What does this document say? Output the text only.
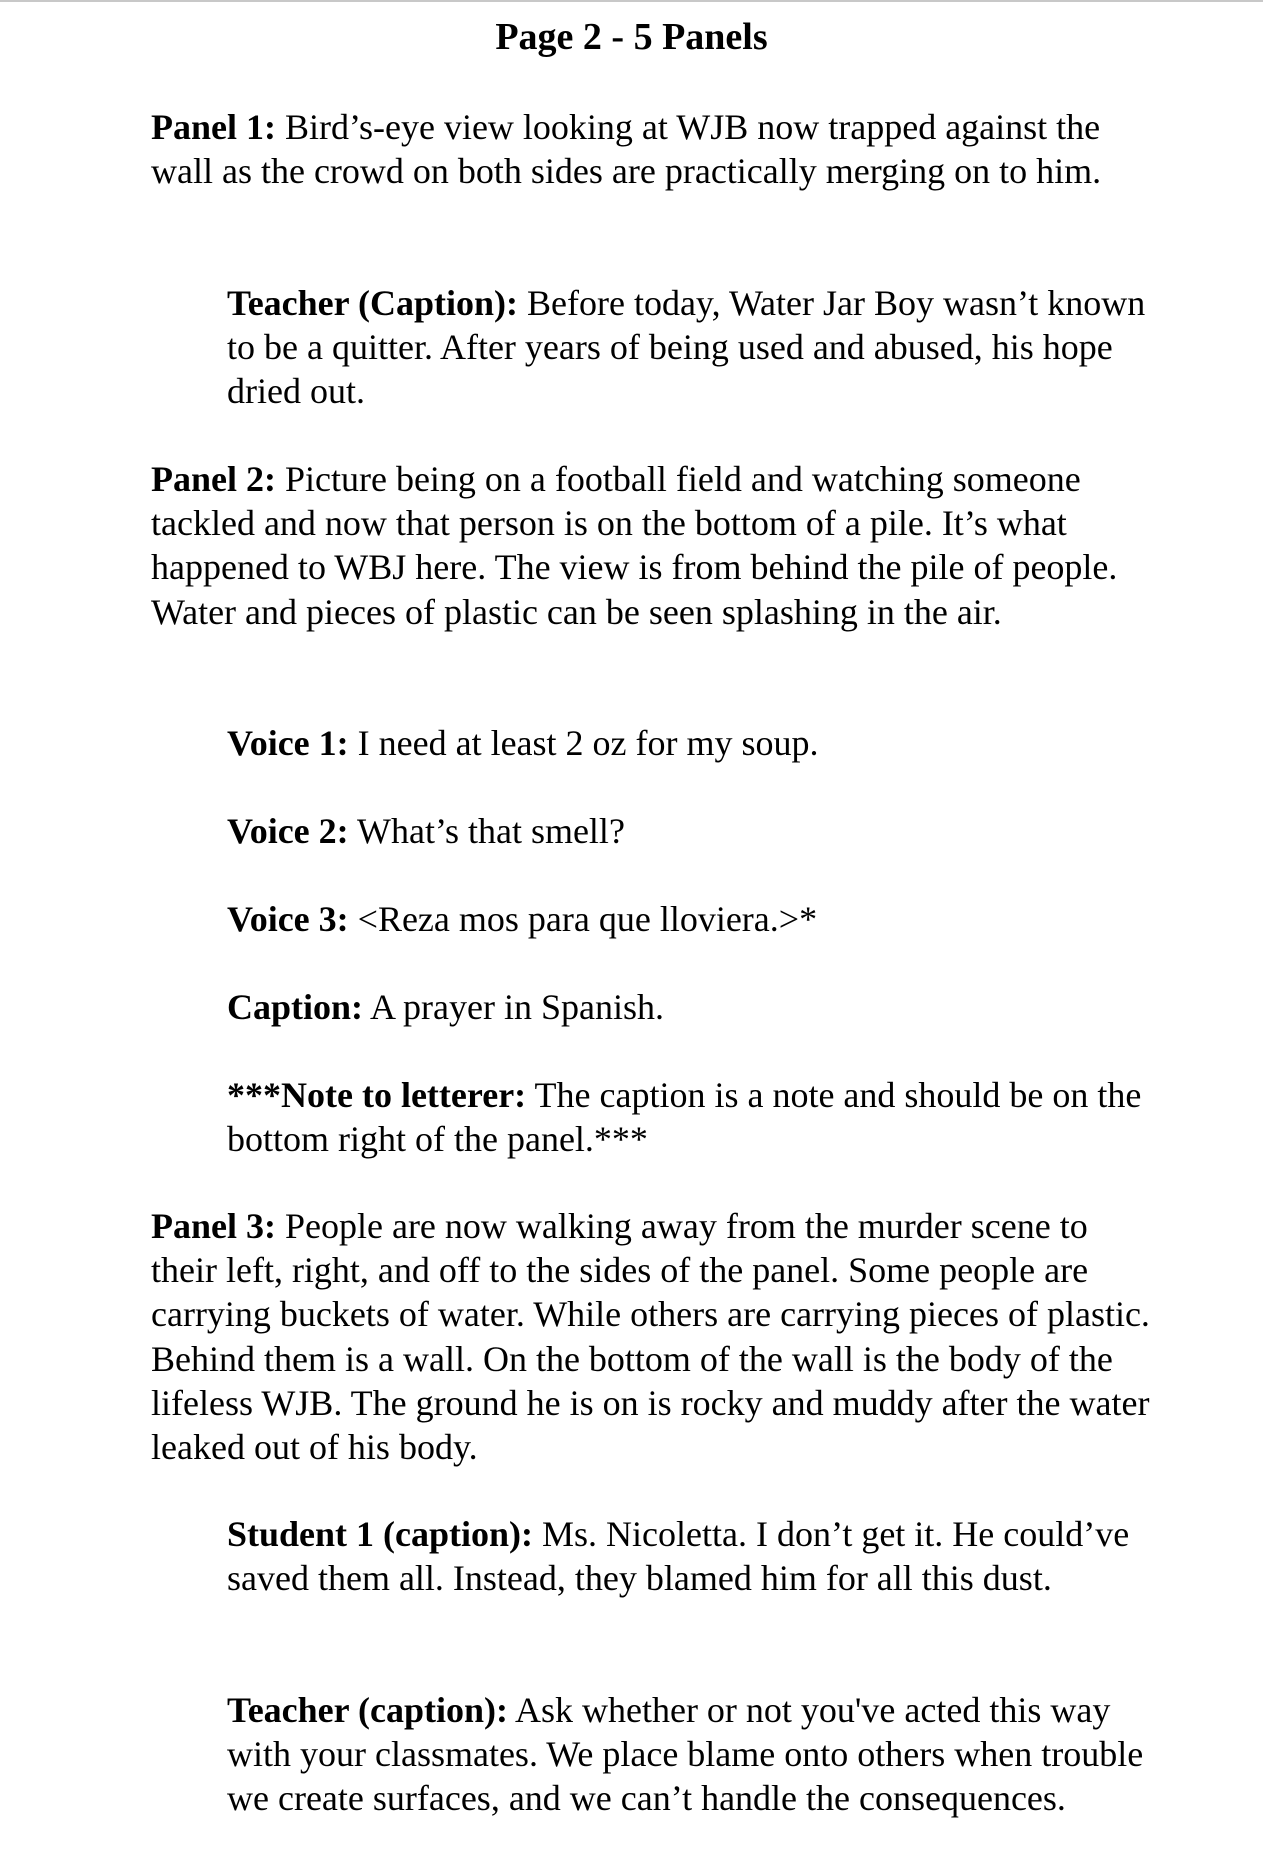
Page 2 - 5 Panels

Panel 1: Bird’s-eye view looking at WJB now trapped against the wall as the crowd on both sides are practically merging on to him.

Teacher (Caption): Before today, Water Jar Boy wasn’t known to be a quitter. After years of being used and abused, his hope dried out.

Panel 2: Picture being on a football field and watching someone tackled and now that person is on the bottom of a pile. It’s what happened to WBJ here. The view is from behind the pile of people. Water and pieces of plastic can be seen splashing in the air.

Voice 1: I need at least 2 oz for my soup.

Voice 2: What’s that smell?

Voice 3: <Reza mos para que lloviera.>*

Caption: A prayer in Spanish.

***Note to letterer: The caption is a note and should be on the bottom right of the panel.***

Panel 3: People are now walking away from the murder scene to their left, right, and off to the sides of the panel. Some people are carrying buckets of water. While others are carrying pieces of plastic. Behind them is a wall. On the bottom of the wall is the body of the lifeless WJB. The ground he is on is rocky and muddy after the water leaked out of his body.

Student 1 (caption): Ms. Nicoletta. I don’t get it. He could’ve saved them all. Instead, they blamed him for all this dust.

Teacher (caption): Ask whether or not you've acted this way with your classmates. We place blame onto others when trouble we create surfaces, and we can’t handle the consequences.
